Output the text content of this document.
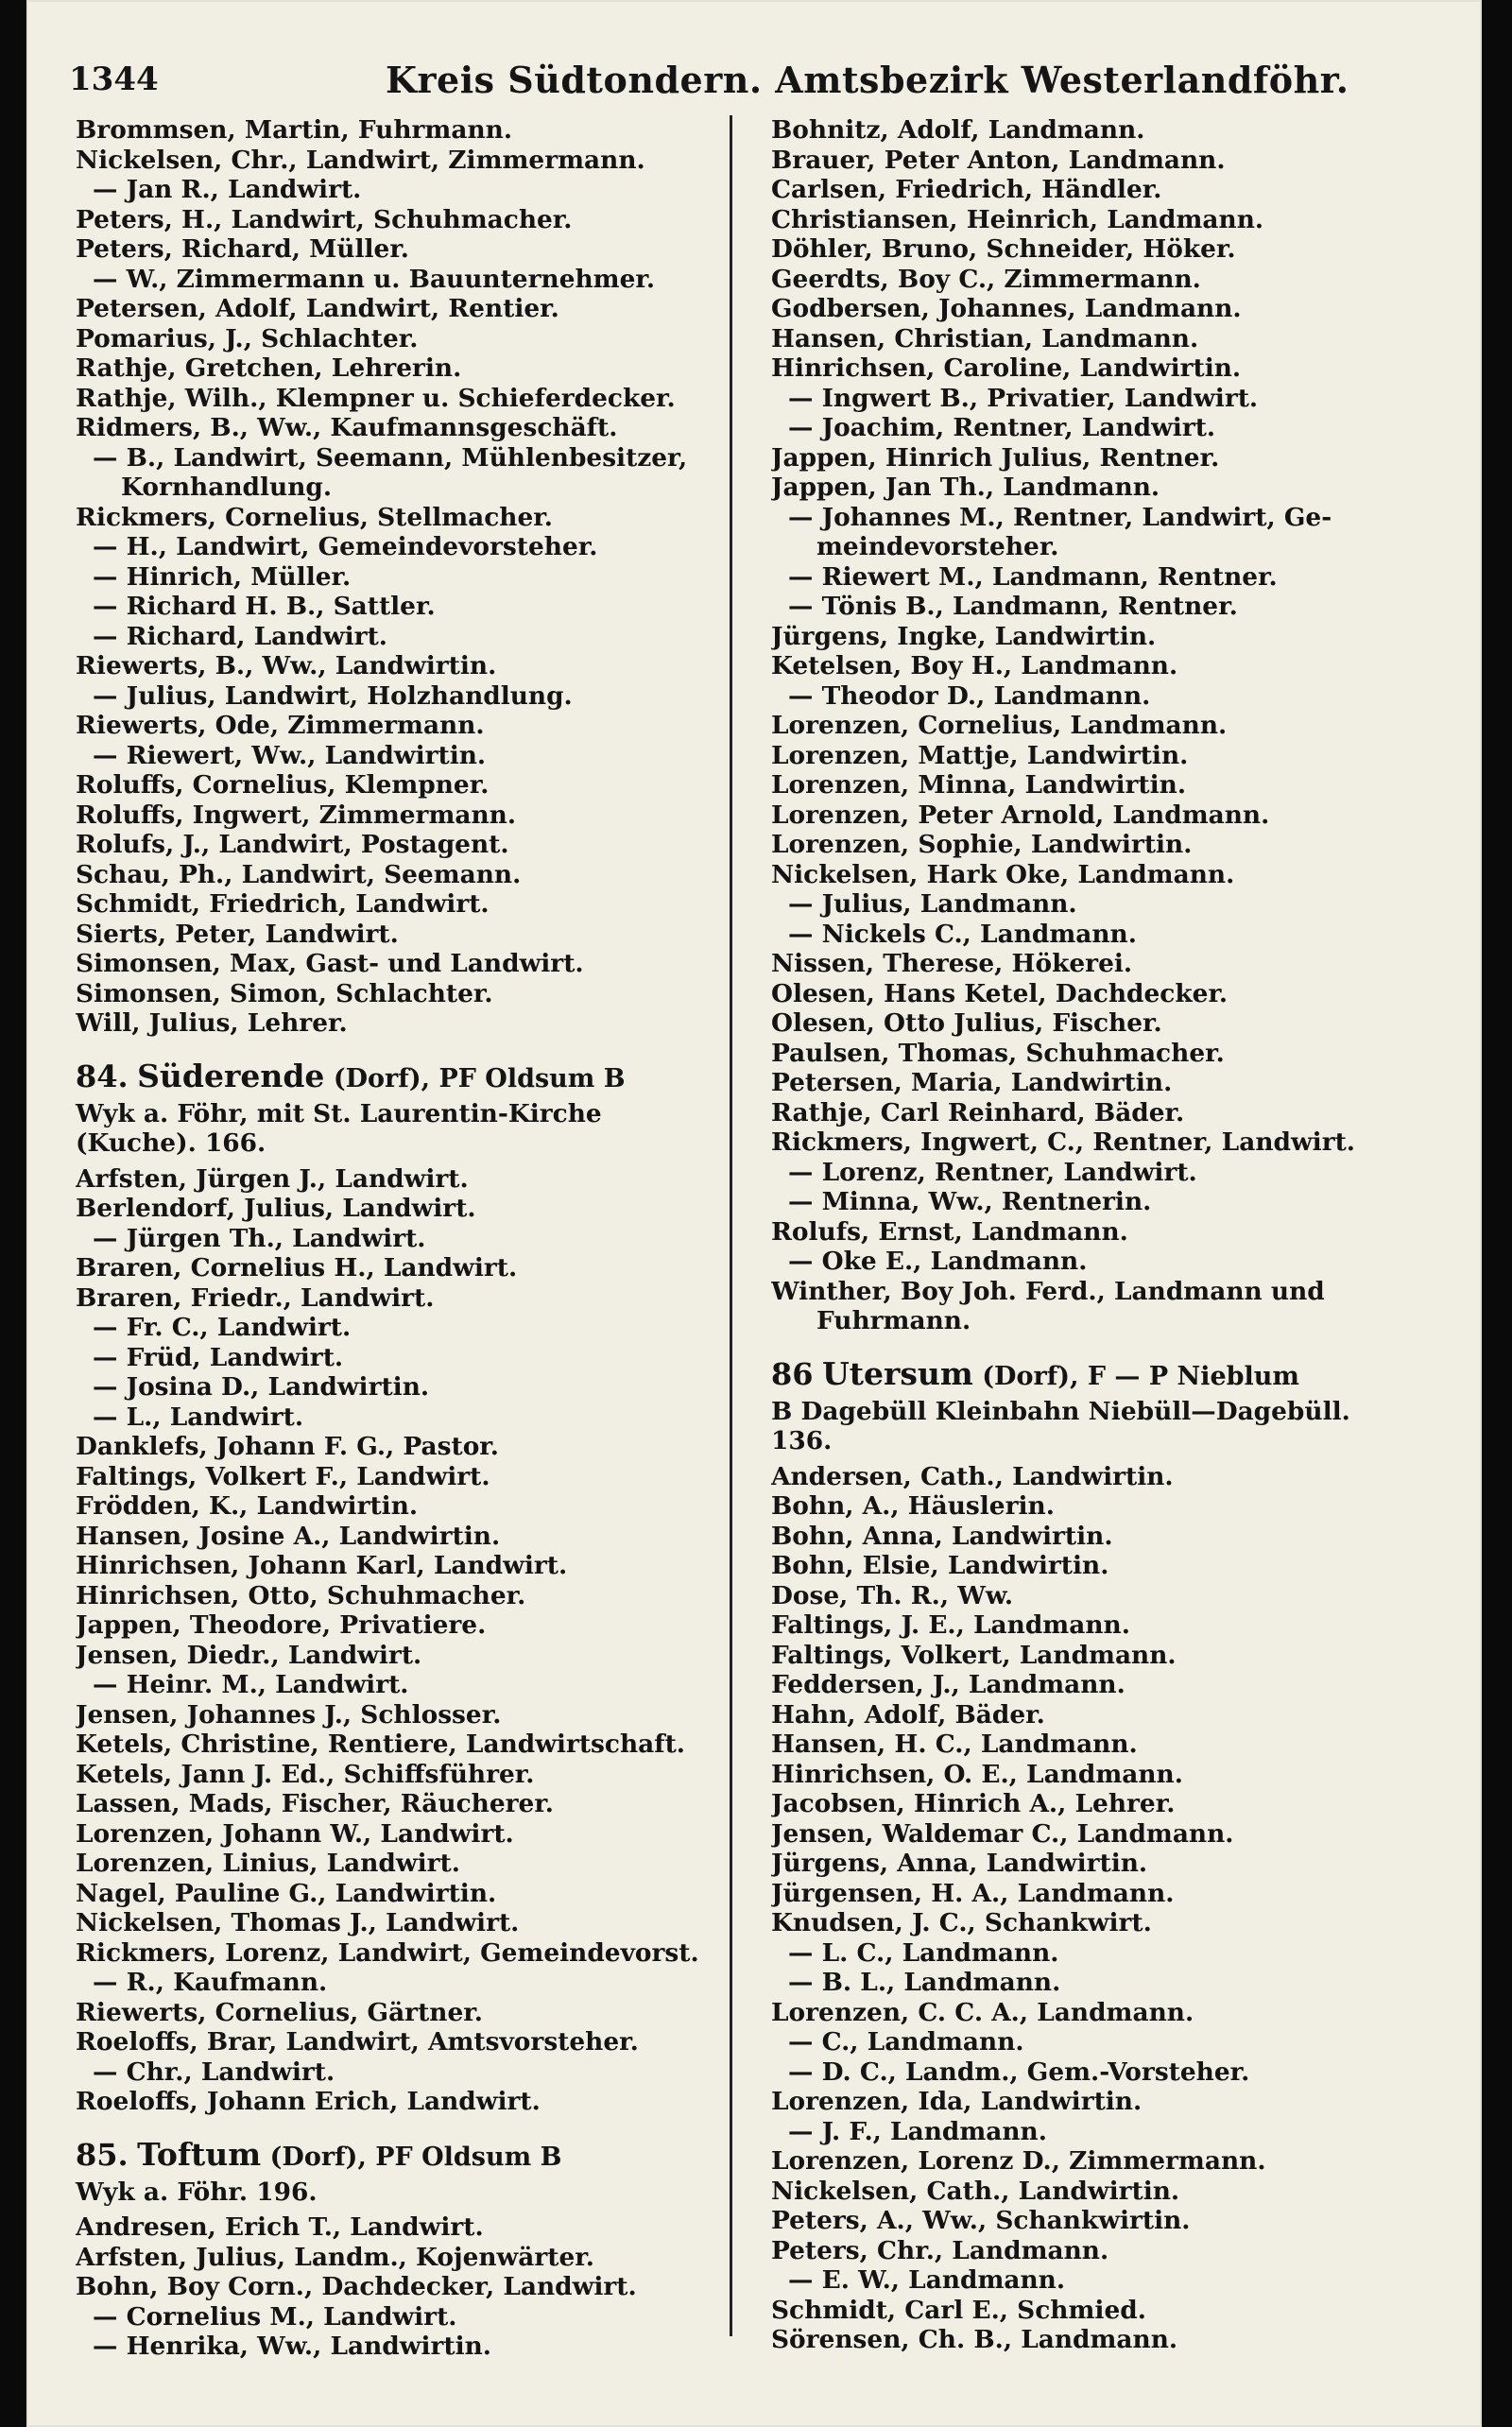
1344	Kreis Südtondern. Amtsbezirk Westerlandföhr.
Brommsen, Martin, Fuhrmann.
Nickelsen, Chr., Landwirt, Zimmermann.
— Jan R., Landwirt.
Peters, H., Landwirt, Schuhmacher.
Peters, Richard, Müller.
— W., Zimmermann u. Bauunternehmer.
Petersen, Adolf, Landwirt, Rentier.
Pomarius, J., Schlachter.
Rathje, Gretchen, Lehrerin.
Rathje, Wilh., Klempner u. Schieferdecker.
Ridmers, B., Ww., Kaufmannsgeschäft.
— B., Landwirt, Seemann, Mühlenbesitzer,
Kornhandlung.
Rickmers, Cornelius, Stellmacher.
— H., Landwirt, Gemeindevorsteher.
— Hinrich, Müller.
— Richard H. B., Sattler.
— Richard, Landwirt.
Riewerts, B., Ww., Landwirtin.
— Julius, Landwirt, Holzhandlung.
Riewerts, Ode, Zimmermann.
— Riewert, Ww., Landwirtin.
Roluffs, Cornelius, Klempner.
Roluffs, Ingwert, Zimmermann.
Rolufs, J., Landwirt, Postagent.
Schau, Ph., Landwirt, Seemann.
Schmidt, Friedrich, Landwirt.
Sierts, Peter, Landwirt.
Simonsen, Max, Gast- und Landwirt.
Simonsen, Simon, Schlachter.
Will, Julius, Lehrer.
84. Süderende (Dorf), PF Oldsum B
Wyk a. Föhr, mit St. Laurentin-Kirche
(Kuche). 166.
Arfsten, Jürgen J., Landwirt.
Berlendorf, Julius, Landwirt.
— Jürgen Th., Landwirt.
Braren, Cornelius H., Landwirt.
Braren, Friedr., Landwirt.
— Fr. C., Landwirt.
— Früd, Landwirt.
— Josina D., Landwirtin.
— L., Landwirt.
Danklefs, Johann F. G., Pastor.
Faltings, Volkert F., Landwirt.
Frödden, K., Landwirtin.
Hansen, Josine A., Landwirtin.
Hinrichsen, Johann Karl, Landwirt.
Hinrichsen, Otto, Schuhmacher.
Jappen, Theodore, Privatiere.
Jensen, Diedr., Landwirt.
— Heinr. M., Landwirt.
Jensen, Johannes J., Schlosser.
Ketels, Christine, Rentiere, Landwirtschaft.
Ketels, Jann J. Ed., Schiffsführer.
Lassen, Mads, Fischer, Räucherer.
Lorenzen, Johann W., Landwirt.
Lorenzen, Linius, Landwirt.
Nagel, Pauline G., Landwirtin.
Nickelsen, Thomas J., Landwirt.
Rickmers, Lorenz, Landwirt, Gemeindevorst.
— R., Kaufmann.
Riewerts, Cornelius, Gärtner.
Roeloffs, Brar, Landwirt, Amtsvorsteher.
— Chr., Landwirt.
Roeloffs, Johann Erich, Landwirt.
85. Toftum (Dorf), PF Oldsum B
Wyk a. Föhr. 196.
Andresen, Erich T., Landwirt.
Arfsten, Julius, Landm., Kojenwärter.
Bohn, Boy Corn., Dachdecker, Landwirt.
— Cornelius M., Landwirt.
— Henrika, Ww., Landwirtin.
Bohnitz, Adolf, Landmann.
Brauer, Peter Anton, Landmann.
Carlsen, Friedrich, Händler.
Christiansen, Heinrich, Landmann.
Döhler, Bruno, Schneider, Höker.
Geerdts, Boy C., Zimmermann.
Godbersen, Johannes, Landmann.
Hansen, Christian, Landmann.
Hinrichsen, Caroline, Landwirtin.
— Ingwert B., Privatier, Landwirt.
— Joachim, Rentner, Landwirt.
Jappen, Hinrich Julius, Rentner.
Jappen, Jan Th., Landmann.
— Johannes M., Rentner, Landwirt, Ge-
meindevorsteher.
— Riewert M., Landmann, Rentner.
— Tönis B., Landmann, Rentner.
Jürgens, Ingke, Landwirtin.
Ketelsen, Boy H., Landmann.
— Theodor D., Landmann.
Lorenzen, Cornelius, Landmann.
Lorenzen, Mattje, Landwirtin.
Lorenzen, Minna, Landwirtin.
Lorenzen, Peter Arnold, Landmann.
Lorenzen, Sophie, Landwirtin.
Nickelsen, Hark Oke, Landmann.
— Julius, Landmann.
— Nickels C., Landmann.
Nissen, Therese, Hökerei.
Olesen, Hans Ketel, Dachdecker.
Olesen, Otto Julius, Fischer.
Paulsen, Thomas, Schuhmacher.
Petersen, Maria, Landwirtin.
Rathje, Carl Reinhard, Bäder.
Rickmers, Ingwert, C., Rentner, Landwirt.
— Lorenz, Rentner, Landwirt.
— Minna, Ww., Rentnerin.
Rolufs, Ernst, Landmann.
— Oke E., Landmann.
Winther, Boy Joh. Ferd., Landmann und
Fuhrmann.
86 Utersum (Dorf), F — P Nieblum
B Dagebüll Kleinbahn Niebüll—Dagebüll.
136.
Andersen, Cath., Landwirtin.
Bohn, A., Häuslerin.
Bohn, Anna, Landwirtin.
Bohn, Elsie, Landwirtin.
Dose, Th. R., Ww.
Faltings, J. E., Landmann.
Faltings, Volkert, Landmann.
Feddersen, J., Landmann.
Hahn, Adolf, Bäder.
Hansen, H. C., Landmann.
Hinrichsen, O. E., Landmann.
Jacobsen, Hinrich A., Lehrer.
Jensen, Waldemar C., Landmann.
Jürgens, Anna, Landwirtin.
Jürgensen, H. A., Landmann.
Knudsen, J. C., Schankwirt.
— L. C., Landmann.
— B. L., Landmann.
Lorenzen, C. C. A., Landmann.
— C., Landmann.
— D. C., Landm., Gem.-Vorsteher.
Lorenzen, Ida, Landwirtin.
— J. F., Landmann.
Lorenzen, Lorenz D., Zimmermann.
Nickelsen, Cath., Landwirtin.
Peters, A., Ww., Schankwirtin.
Peters, Chr., Landmann.
— E. W., Landmann.
Schmidt, Carl E., Schmied.
Sörensen, Ch. B., Landmann.
